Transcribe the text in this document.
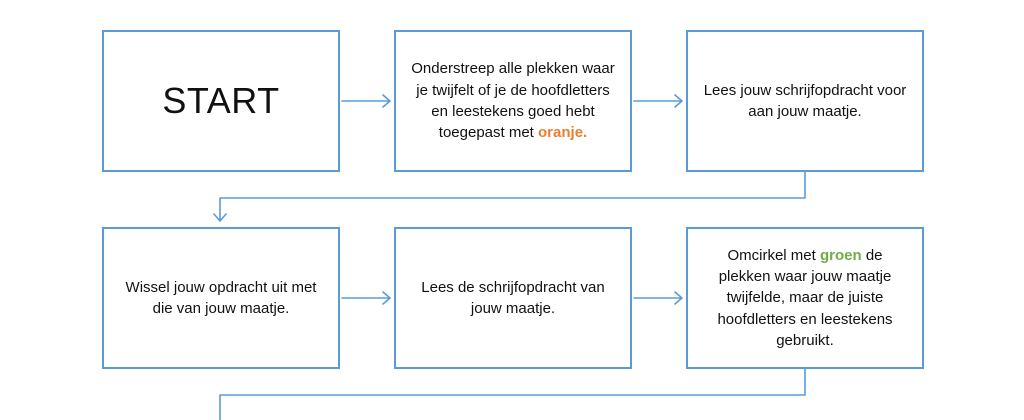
START
Onderstreep alle plekken waar je twijfelt of je de hoofdletters en leestekens goed hebt toegepast met oranje.
Lees jouw schrijfopdracht voor aan jouw maatje.
Wissel jouw opdracht uit met die van jouw maatje.
Lees de schrijfopdracht van jouw maatje.
Omcirkel met groen de plekken waar jouw maatje twijfelde, maar de juiste hoofdletters en leestekens gebruikt.
